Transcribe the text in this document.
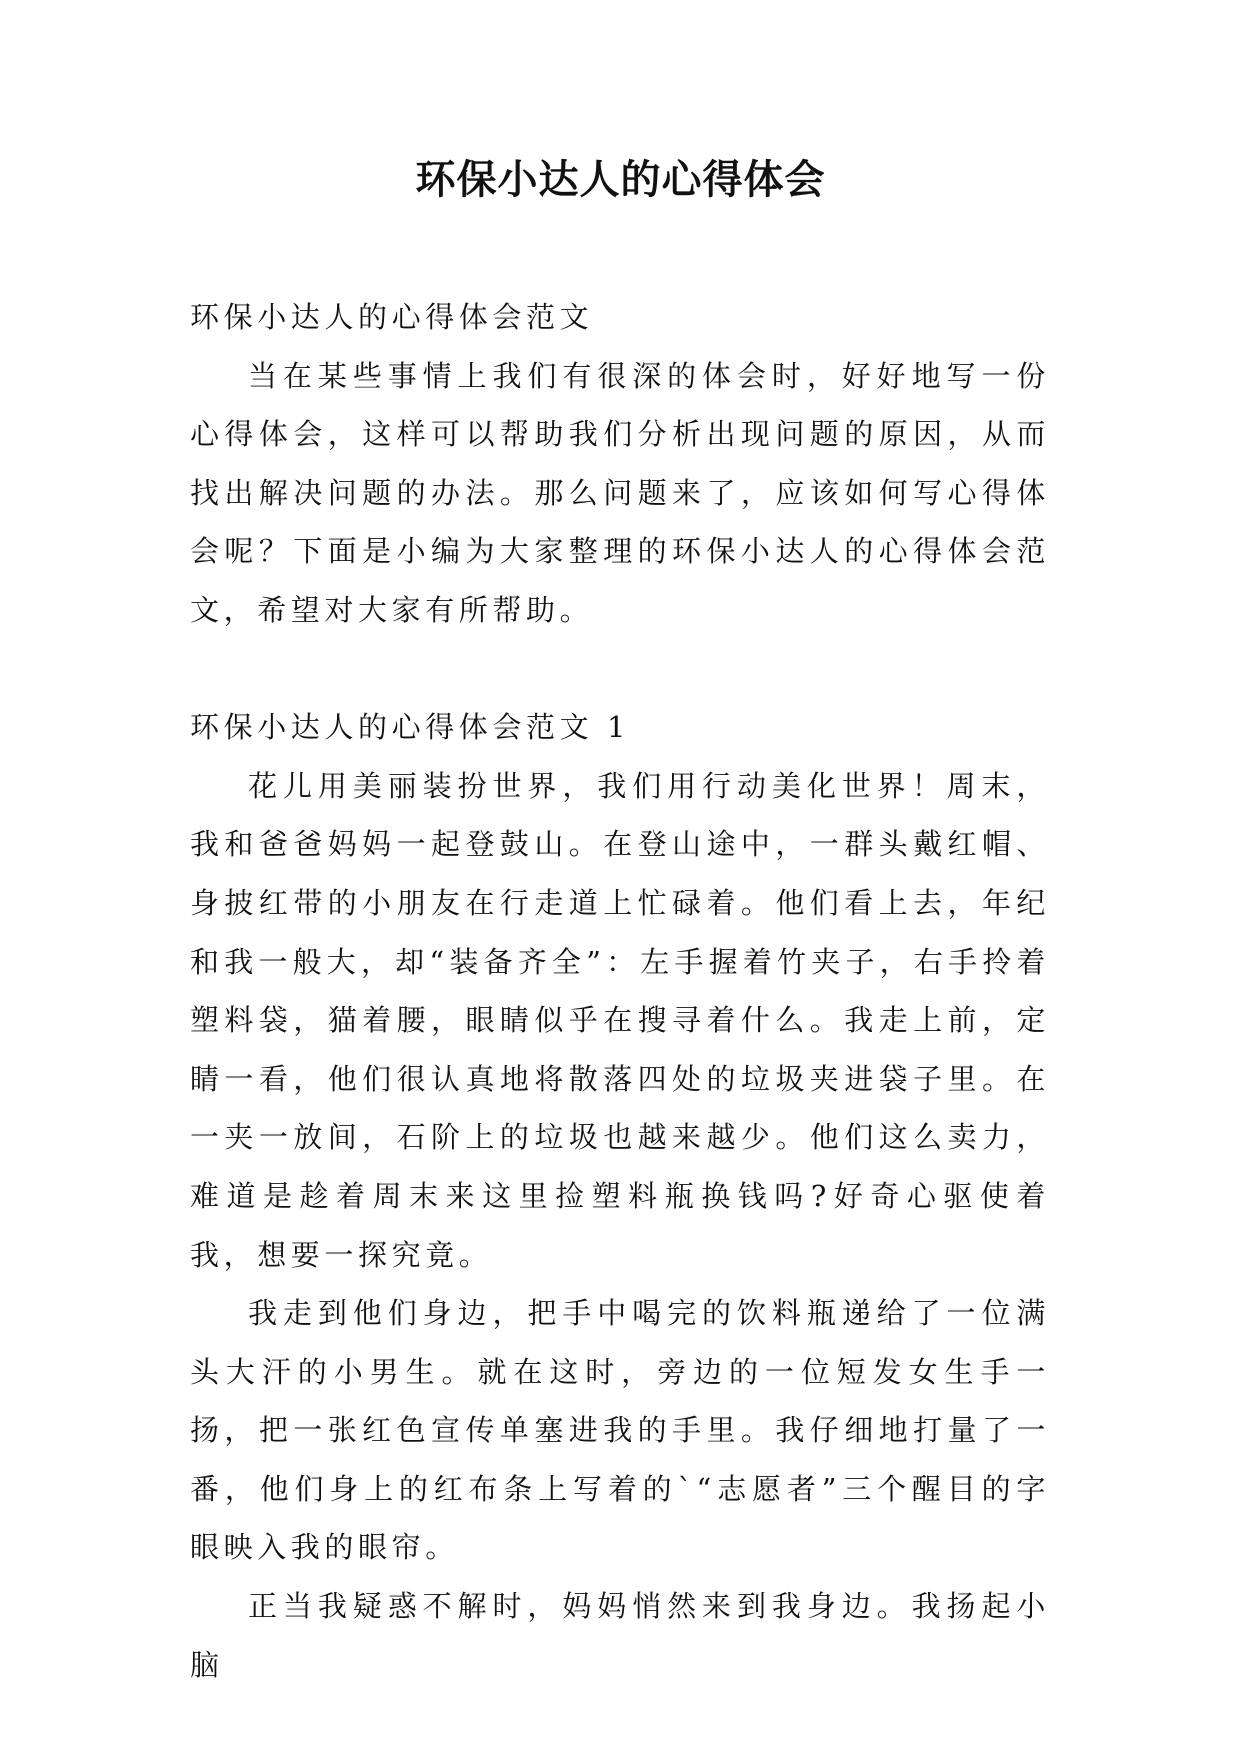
环保小达人的心得体会

环保小达人的心得体会范文

当在某些事情上我们有很深的体会时，好好地写一份心得体会，这样可以帮助我们分析出现问题的原因，从而找出解决问题的办法。那么问题来了，应该如何写心得体会呢？下面是小编为大家整理的环保小达人的心得体会范文，希望对大家有所帮助。

环保小达人的心得体会范文 1

花儿用美丽装扮世界，我们用行动美化世界！周末，我和爸爸妈妈一起登鼓山。在登山途中，一群头戴红帽、身披红带的小朋友在行走道上忙碌着。他们看上去，年纪和我一般大，却“装备齐全”：左手握着竹夹子，右手拎着塑料袋，猫着腰，眼睛似乎在搜寻着什么。我走上前，定睛一看，他们很认真地将散落四处的垃圾夹进袋子里。在一夹一放间，石阶上的垃圾也越来越少。他们这么卖力，难道是趁着周末来这里捡塑料瓶换钱吗?好奇心驱使着我，想要一探究竟。

我走到他们身边，把手中喝完的饮料瓶递给了一位满头大汗的小男生。就在这时，旁边的一位短发女生手一扬，把一张红色宣传单塞进我的手里。我仔细地打量了一番，他们身上的红布条上写着的`“志愿者”三个醒目的字眼映入我的眼帘。

正当我疑惑不解时，妈妈悄然来到我身边。我扬起小脑
